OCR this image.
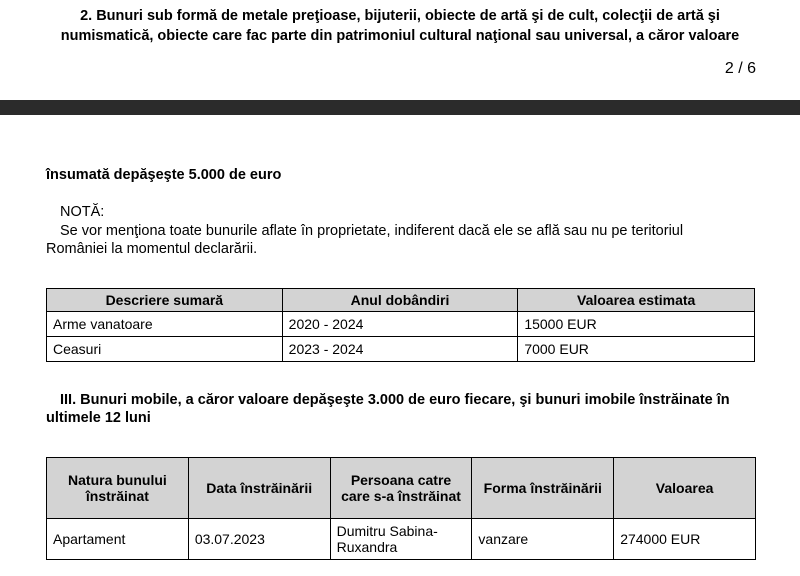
2. Bunuri sub formă de metale preţioase, bijuterii, obiecte de artă şi de cult, colecţii de artă şi numismatică, obiecte care fac parte din patrimoniul cultural naţional sau universal, a căror valoare
2 / 6
însumată depăşeşte 5.000 de euro
NOTĂ:
Se vor menţiona toate bunurile aflate în proprietate, indiferent dacă ele se află sau nu pe teritoriul României la momentul declarării.
Descriere sumară	Anul dobândiri	Valoarea estimata
Arme vanatoare	2020 - 2024	15000 EUR
Ceasuri	2023 - 2024	7000 EUR
III. Bunuri mobile, a căror valoare depăşeşte 3.000 de euro fiecare, şi bunuri imobile înstrăinate în ultimele 12 luni
Natura bunului înstrăinat	Data înstrăinării	Persoana catre care s-a înstrăinat	Forma înstrăinării	Valoarea
Apartament	03.07.2023	Dumitru Sabina-Ruxandra	vanzare	274000 EUR
